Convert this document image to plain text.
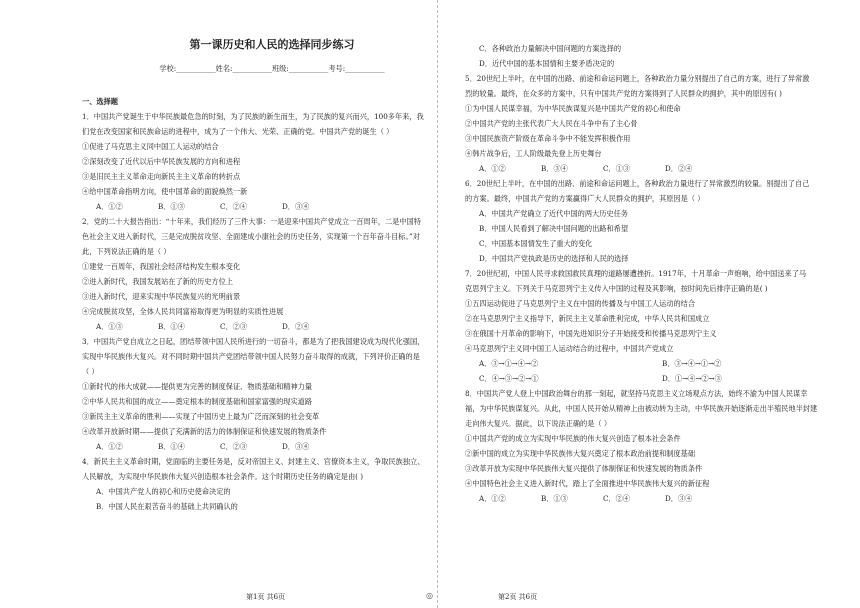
第一课历史和人民的选择同步练习
学校:___________姓名:___________班级:___________考号:___________

一、选择题

1．中国共产党诞生于中华民族最危急的时刻，为了民族的新生而生，为了民族的复兴而兴，100多年来，我

们党在改变国家和民族命运的进程中，成为了一个伟大、光荣、正确的党。中国共产党的诞生（ ）

①促进了马克思主义同中国工人运动的结合

②深刻改变了近代以后中华民族发展的方向和进程

③是旧民主主义革命走向新民主主义革命的转折点

④给中国革命指明方向，使中国革命的面貌焕然一新

A．①②	B．①③	C．②④	D．③④

2．党的二十大报告指出：“十年来，我们经历了三件大事：一是迎来中国共产党成立一百周年，二是中国特

色社会主义进入新时代，三是完成脱贫攻坚、全面建成小康社会的历史任务，实现第一个百年奋斗目标。”对

此，下列说法正确的是（ ）

①建党一百周年，我国社会经济结构发生根本变化

②进入新时代，我国发展站在了新的历史方位上

③进入新时代，迎来实现中华民族复兴的光明前景

④完成脱贫攻坚，全体人民共同富裕取得更为明显的实质性进展

A．①③	B．①④	C．②③	D．②④

3．中国共产党自成立之日起，团结带领中国人民所进行的一切奋斗，都是为了把我国建设成为现代化强国，

实现中华民族伟大复兴。对不同时期中国共产党团结带领中国人民努力奋斗取得的成就，下列评价正确的是

（ ）

①新时代的伟大成就——提供更为完善的制度保证、物质基础和精神力量

②中华人民共和国的成立——奠定根本的制度基础和国家富强的现实道路

③新民主主义革命的胜利——实现了中国历史上最为广泛而深刻的社会变革

④改革开放新时期——提供了充满新的活力的体制保证和快速发展的物质条件

A．①②	B．①④	C．②③	D．③④

4．新民主主义革命时期，党面临的主要任务是，反对帝国主义、封建主义、官僚资本主义，争取民族独立、

人民解放，为实现中华民族伟大复兴创造根本社会条件。这个时期历史任务的确定是由( )

A．中国共产党人的初心和历史使命决定的

B．中国人民在艰苦奋斗的基础上共同确认的

第1页 共6页	◎

C．各种政治力量解决中国问题的方案选择的

D．近代中国的基本国情和主要矛盾决定的

5．20世纪上半叶，在中国的出路、前途和命运问题上，各种政治力量分别提出了自己的方案，进行了异常激

烈的较量。最终，在众多的方案中，只有中国共产党的方案得到了人民群众的拥护，其中的原因有( )

①为中国人民谋幸福，为中华民族谋复兴是中国共产党的初心和使命

②中国共产党的主张代表广大人民在斗争中有了主心骨

③中国民族资产阶级在革命斗争中不能发挥积极作用

④韩片战争后，工人阶级最先登上历史舞台

A．①②	B．③④	C．①③	D．②④

6．20世纪上半叶，在中国的出路、前途和命运问题上，各种政治力量进行了异常激烈的较量。别提出了自己

的方案。最终，中国共产党的方案赢得广大人民群众的拥护，其原因是（ ）

A．中国共产党确立了近代中国的两大历史任务

B．中国人民看到了解决中国问题的出路和希望

C．中国基本国情发生了重大的变化

D．中国共产党执政是历史的选择和人民的选择

7．20世纪初，中国人民寻求救国救民真理的道路屡遭挫折。1917年，十月革命一声炮响，给中国送来了马

克思列宁主义。下列关于马克思列宁主义传入中国的过程及其影响，按时间先后排序正确的是( )

①五四运动促进了马克思列宁主义在中国的传播及与中国工人运动的结合

②在马克思列宁主义指导下，新民主主义革命胜利完成，中华人民共和国成立

③在俄国十月革命的影响下，中国先进知识分子开始接受和传播马克思列宁主义

④马克思列宁主义同中国工人运动结合的过程中，中国共产党成立

A．③→①→④→②	B．③→④→①→②
C．④→③→②→①	D．①→④→②→③

8．中国共产党人登上中国政治舞台的那一刻起，就坚持马克思主义立场观点方法，始终不渝为中国人民谋幸

福，为中华民族谋复兴。从此，中国人民开始从精神上由被动转为主动，中华民族开始逐渐走出半殖民地半封建

走向伟大复兴。据此，以下说法正确的是（ ）

①中国共产党的成立为实现中华民族的伟大复兴创造了根本社会条件

②新中国的成立为实现中华民族伟大复兴奠定了根本政治前提和制度基础

③改革开放为实现中华民族伟大复兴提供了体制保证和快速发展的物质条件

④中国特色社会主义进入新时代，踏上了全面推进中华民族伟大复兴的新征程

A．①②	B．①③	C．②④	D．③④
第2页 共6页
